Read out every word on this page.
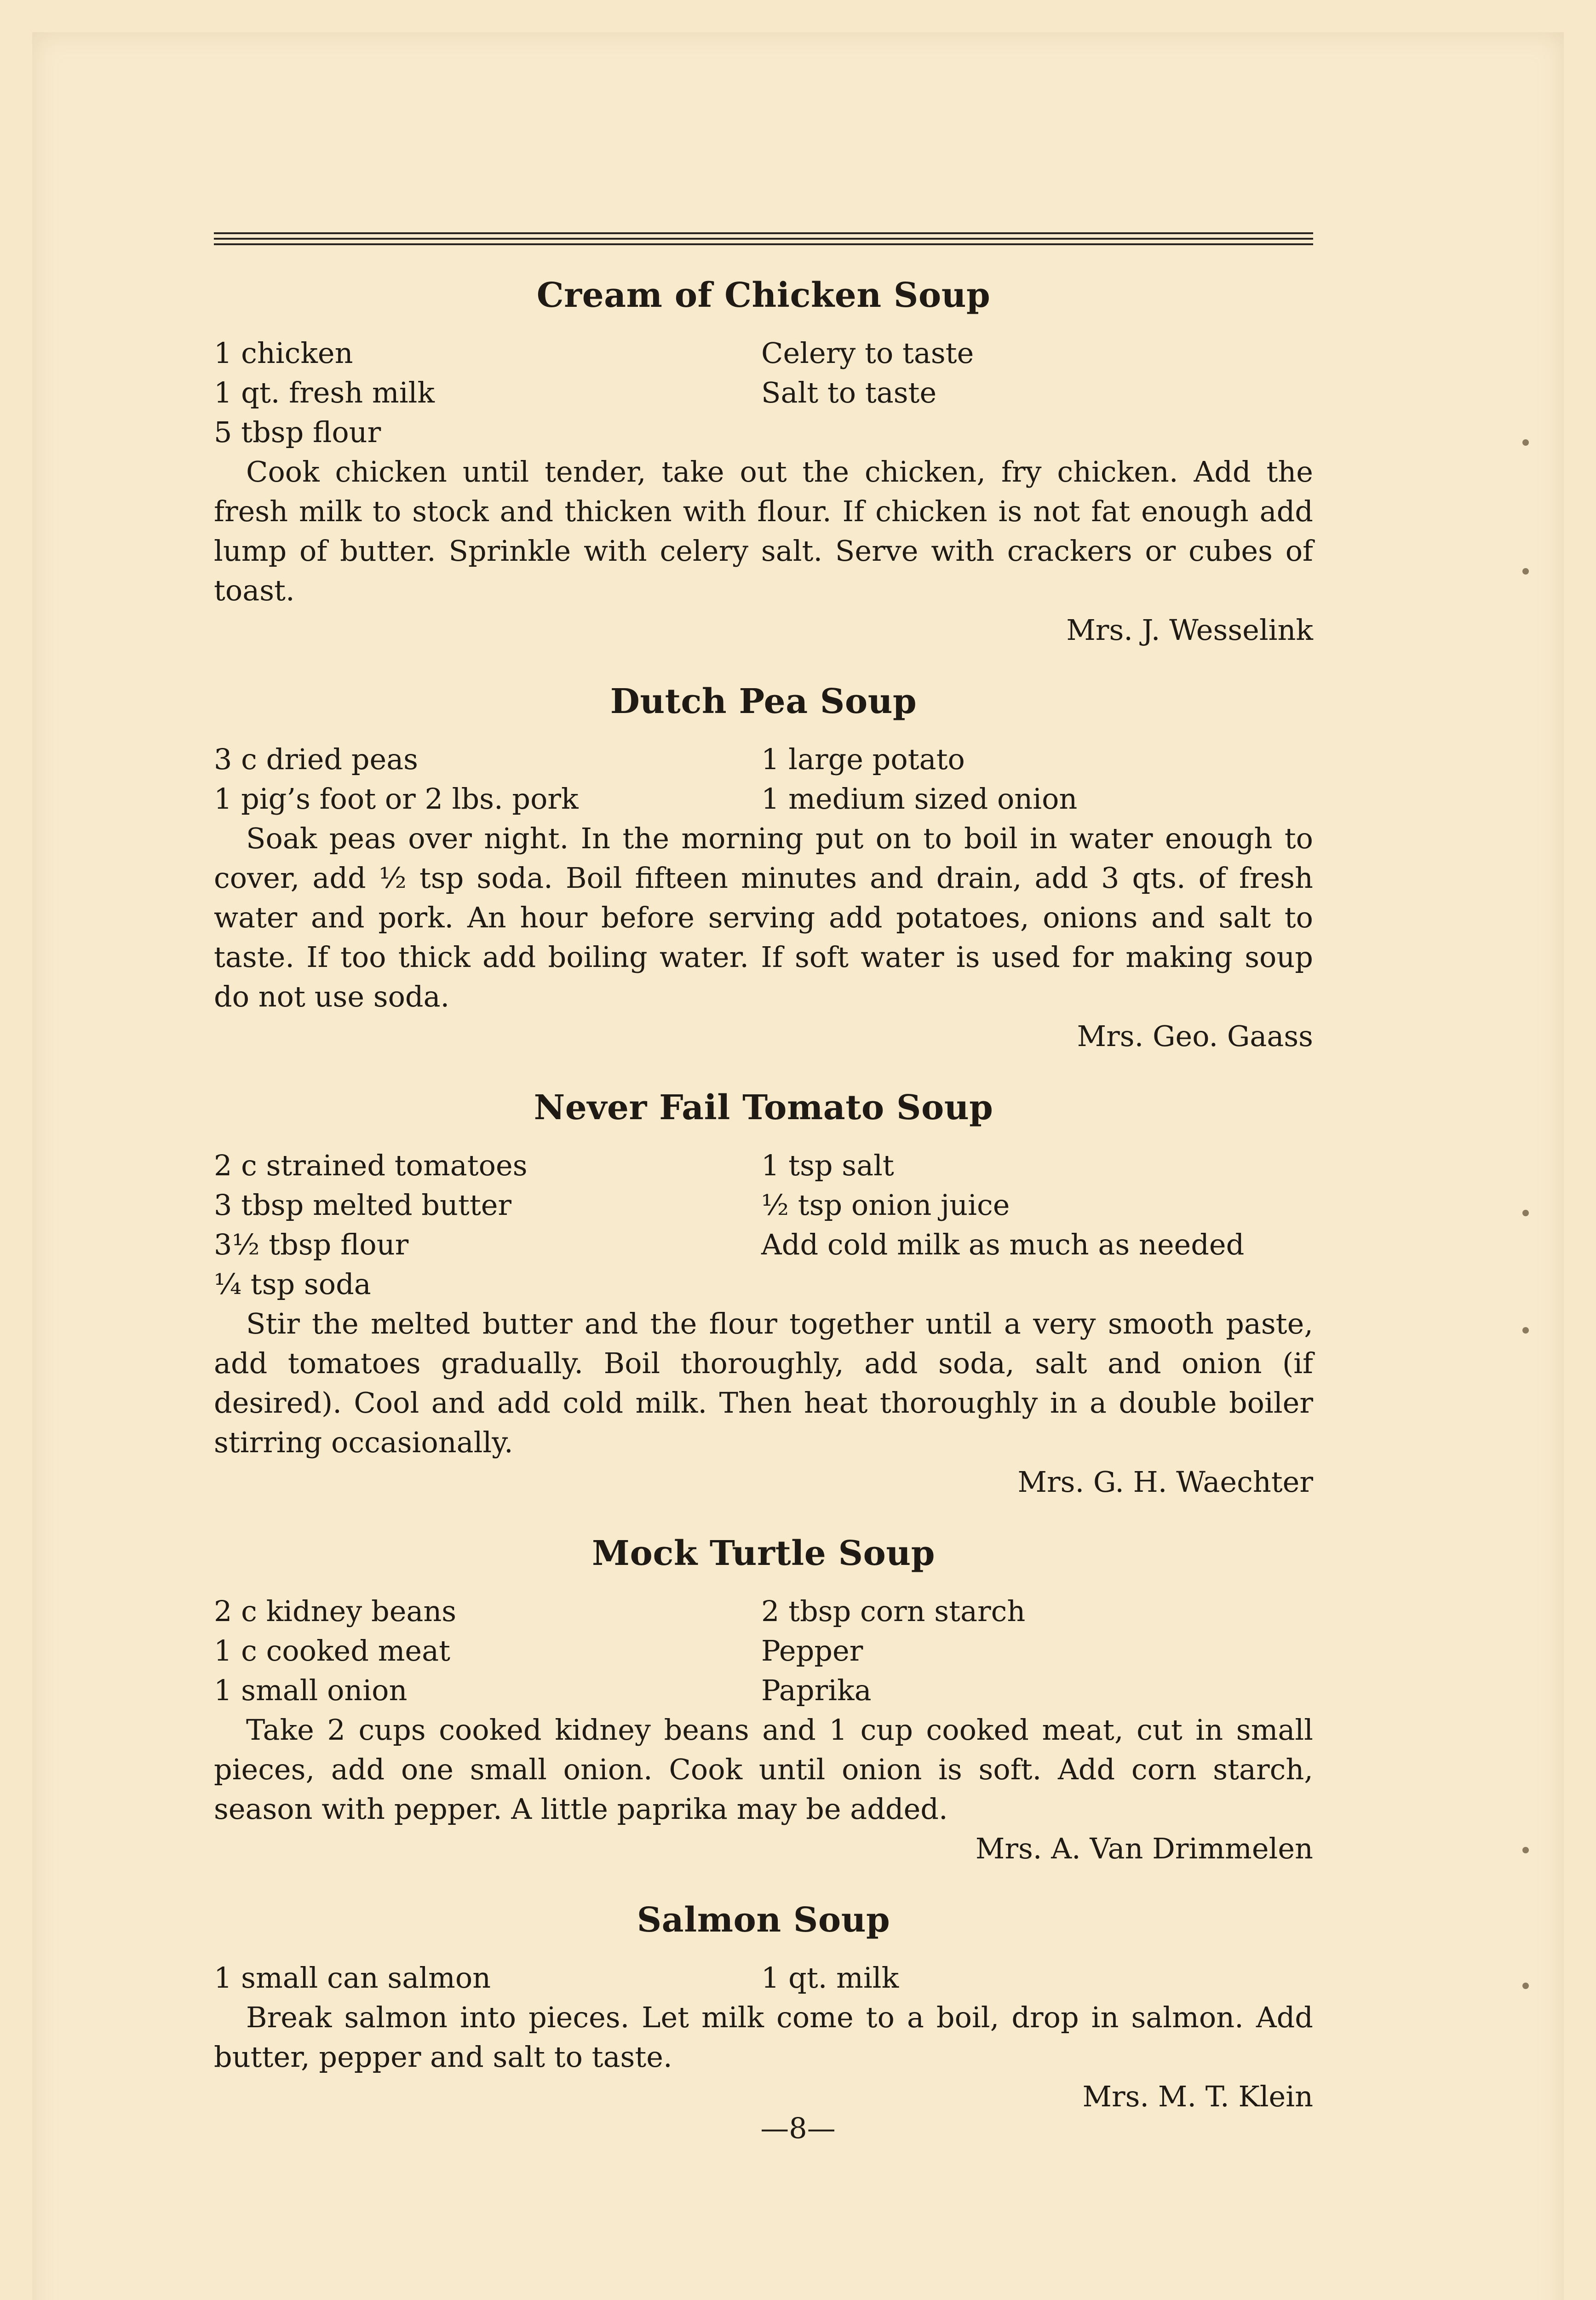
Cream of Chicken Soup
1 chicken	Celery to taste
1 qt. fresh milk	Salt to taste
5 tbsp flour

Cook chicken until tender, take out the chicken, fry chicken. Add the fresh milk to stock and thicken with flour. If chicken is not fat enough add lump of butter. Sprinkle with celery salt. Serve with crackers or cubes of toast.

Mrs. J. Wesselink
Dutch Pea Soup
3 c dried peas	1 large potato
1 pig’s foot or 2 lbs. pork	1 medium sized onion

Soak peas over night. In the morning put on to boil in water enough to cover, add ½ tsp soda. Boil fifteen minutes and drain, add 3 qts. of fresh water and pork. An hour before serving add potatoes, onions and salt to taste. If too thick add boiling water. If soft water is used for making soup do not use soda.

Mrs. Geo. Gaass
Never Fail Tomato Soup
2 c strained tomatoes	1 tsp salt
3 tbsp melted butter	½ tsp onion juice
3½ tbsp flour	Add cold milk as much as needed
¼ tsp soda

Stir the melted butter and the flour together until a very smooth paste, add tomatoes gradually. Boil thoroughly, add soda, salt and onion (if desired). Cool and add cold milk. Then heat thoroughly in a double boiler stirring occasionally.

Mrs. G. H. Waechter
Mock Turtle Soup
2 c kidney beans	2 tbsp corn starch
1 c cooked meat	Pepper
1 small onion	Paprika

Take 2 cups cooked kidney beans and 1 cup cooked meat, cut in small pieces, add one small onion. Cook until onion is soft. Add corn starch, season with pepper. A little paprika may be added.

Mrs. A. Van Drimmelen
Salmon Soup
1 small can salmon	1 qt. milk

Break salmon into pieces. Let milk come to a boil, drop in salmon. Add butter, pepper and salt to taste.

Mrs. M. T. Klein
—8—
